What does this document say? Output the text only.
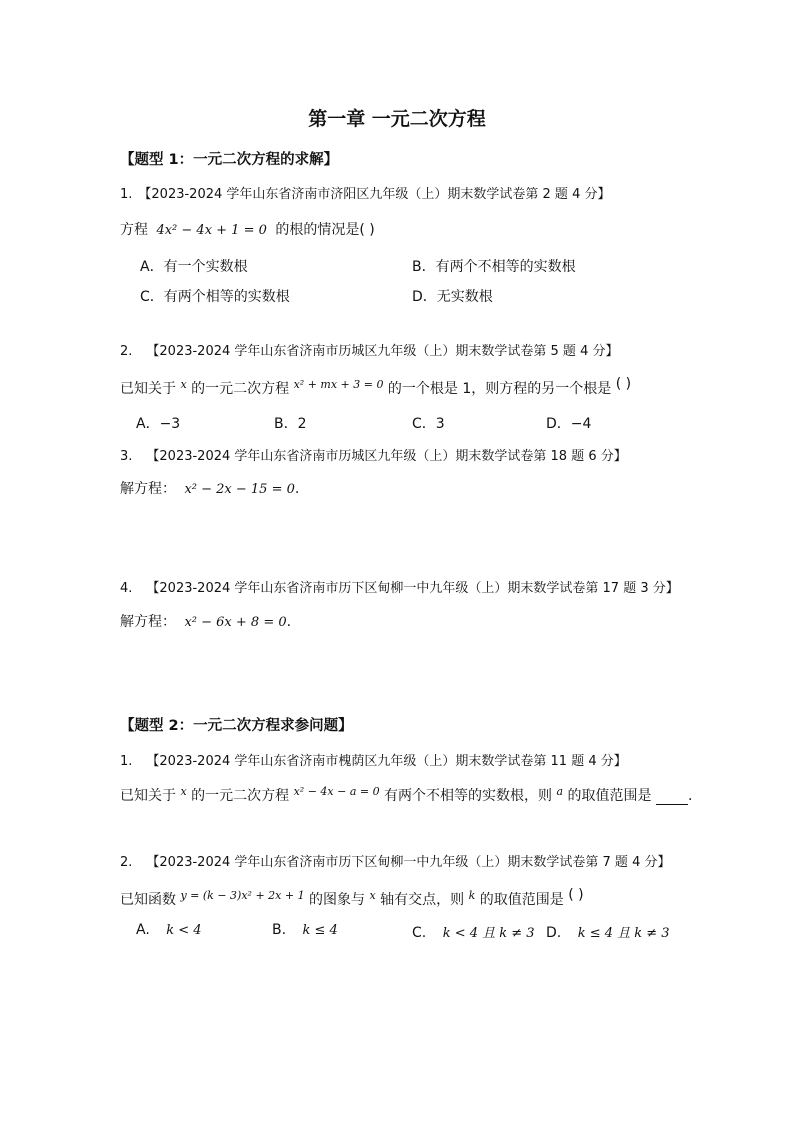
第一章 一元二次方程
【题型 1：一元二次方程的求解】
1. 【2023-2024 学年山东省济南市济阳区九年级（上）期末数学试卷第 2 题 4 分】
方程 4x² − 4x + 1 = 0 的根的情况是( )
A．有一个实数根	B．有两个不相等的实数根
C．有两个相等的实数根	D．无实数根
2. 【2023-2024 学年山东省济南市历城区九年级（上）期末数学试卷第 5 题 4 分】
已知关于 $^x$ 的一元二次方程 $^{x^2 + mx + 3 = 0}$ 的一个根是 1，则方程的另一个根是 ( )
A．−3	B．2	C．3	D．−4
3. 【2023-2024 学年山东省济南市历城区九年级（上）期末数学试卷第 18 题 6 分】
解方程： x² − 2x − 15 = 0.
4. 【2023-2024 学年山东省济南市历下区甸柳一中九年级（上）期末数学试卷第 17 题 3 分】
解方程： x² − 6x + 8 = 0.
【题型 2：一元二次方程求参问题】
1. 【2023-2024 学年山东省济南市槐荫区九年级（上）期末数学试卷第 11 题 4 分】
已知关于 $^x$ 的一元二次方程 $^{x^2 - 4x - a = 0}$ 有两个不相等的实数根，则 $^a$ 的取值范围是	.
2. 【2023-2024 学年山东省济南市历下区甸柳一中九年级（上）期末数学试卷第 7 题 4 分】
已知函数 $^{y = (k - 3)x^2 + 2x + 1}$ 的图象与 $^x$ 轴有交点，则 $^k$ 的取值范围是 ( )
A. k < 4	B. k ≤ 4	C. k < 4 且 k ≠ 3 D. k ≤ 4 且 k ≠ 3
